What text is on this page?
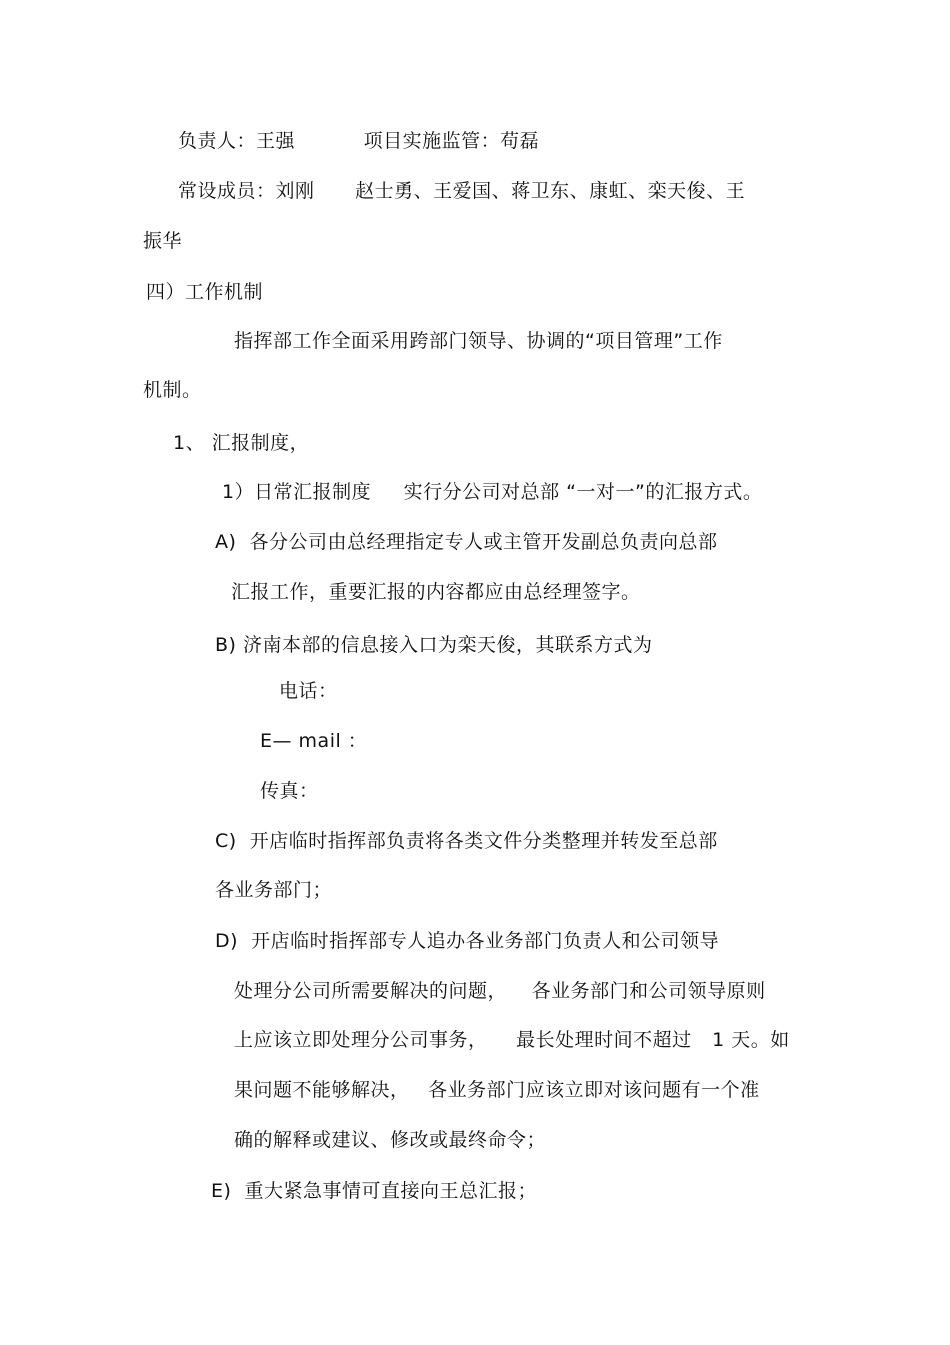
负责人：王强	项目实施监管：苟磊
常设成员：刘刚 赵士勇、王爱国、蒋卫东、康虹、栾天俊、王
振华
四）工作机制
指挥部工作全面采用跨部门领导、协调的“项目管理”工作
机制。
1、 汇报制度，
1）日常汇报制度 实行分公司对总部 “一对一”的汇报方式。
A)  各分公司由总经理指定专人或主管开发副总负责向总部
汇报工作，重要汇报的内容都应由总经理签字。
B) 济南本部的信息接入口为栾天俊，其联系方式为
电话：
E— mail ：
传真：
C)  开店临时指挥部负责将各类文件分类整理并转发至总部
各业务部门；
D)  开店临时指挥部专人追办各业务部门负责人和公司领导
处理分公司所需要解决的问题， 各业务部门和公司领导原则
上应该立即处理分公司事务， 最长处理时间不超过 1 天。如
果问题不能够解决， 各业务部门应该立即对该问题有一个准
确的解释或建议、修改或最终命令；
E)  重大紧急事情可直接向王总汇报；
